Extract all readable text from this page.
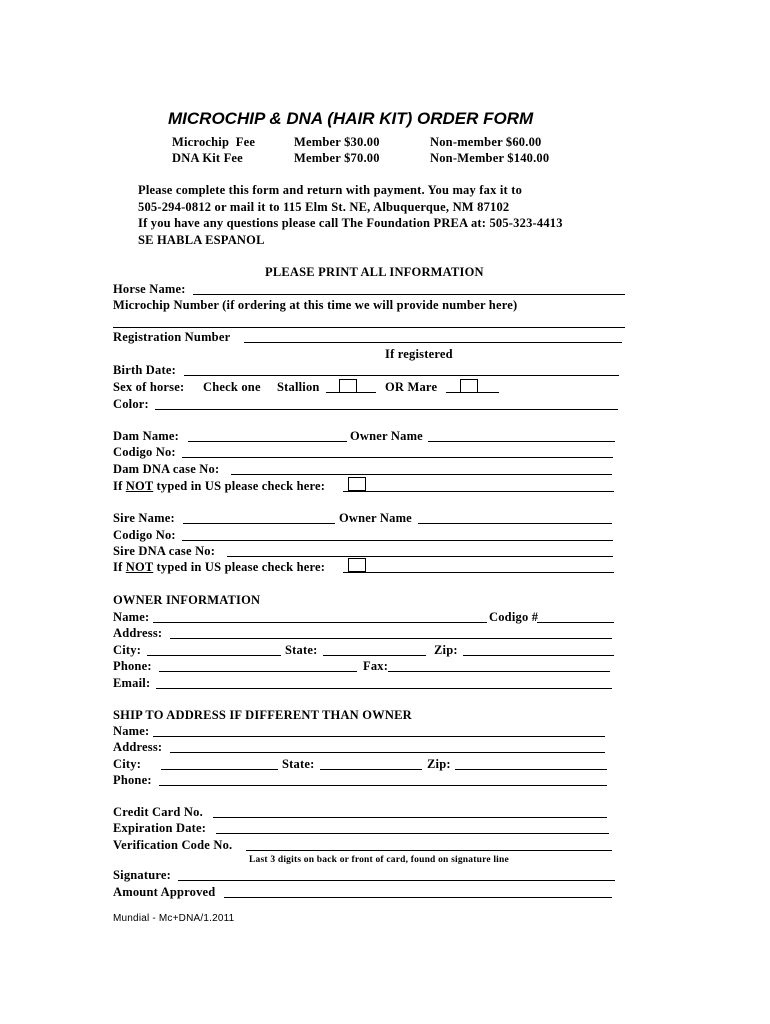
MICROCHIP & DNA (HAIR KIT) ORDER FORM
Microchip  Fee	Member $30.00	Non-member $60.00
DNA Kit Fee	Member $70.00	Non-Member $140.00
Please complete this form and return with payment. You may fax it to
505-294-0812 or mail it to 115 Elm St. NE, Albuquerque, NM 87102
If you have any questions please call The Foundation PREA at: 505-323-4413
SE HABLA ESPANOL
PLEASE PRINT ALL INFORMATION
Horse Name:
Microchip Number (if ordering at this time we will provide number here)
Registration Number
If registered
Birth Date:
Sex of horse: Check one Stallion	OR Mare
Color:
Dam Name:	Owner Name
Codigo No:
Dam DNA case No:
If NOT typed in US please check here:
Sire Name:	Owner Name
Codigo No:
Sire DNA case No:
If NOT typed in US please check here:
OWNER INFORMATION
Name:	Codigo #
Address:
City:	State:	Zip:
Phone:	Fax:
Email:
SHIP TO ADDRESS IF DIFFERENT THAN OWNER
Name:
Address:
City:	State:	Zip:
Phone:
Credit Card No.
Expiration Date:
Verification Code No.
Last 3 digits on back or front of card, found on signature line
Signature:
Amount Approved
Mundial - Mc+DNA/1.2011
